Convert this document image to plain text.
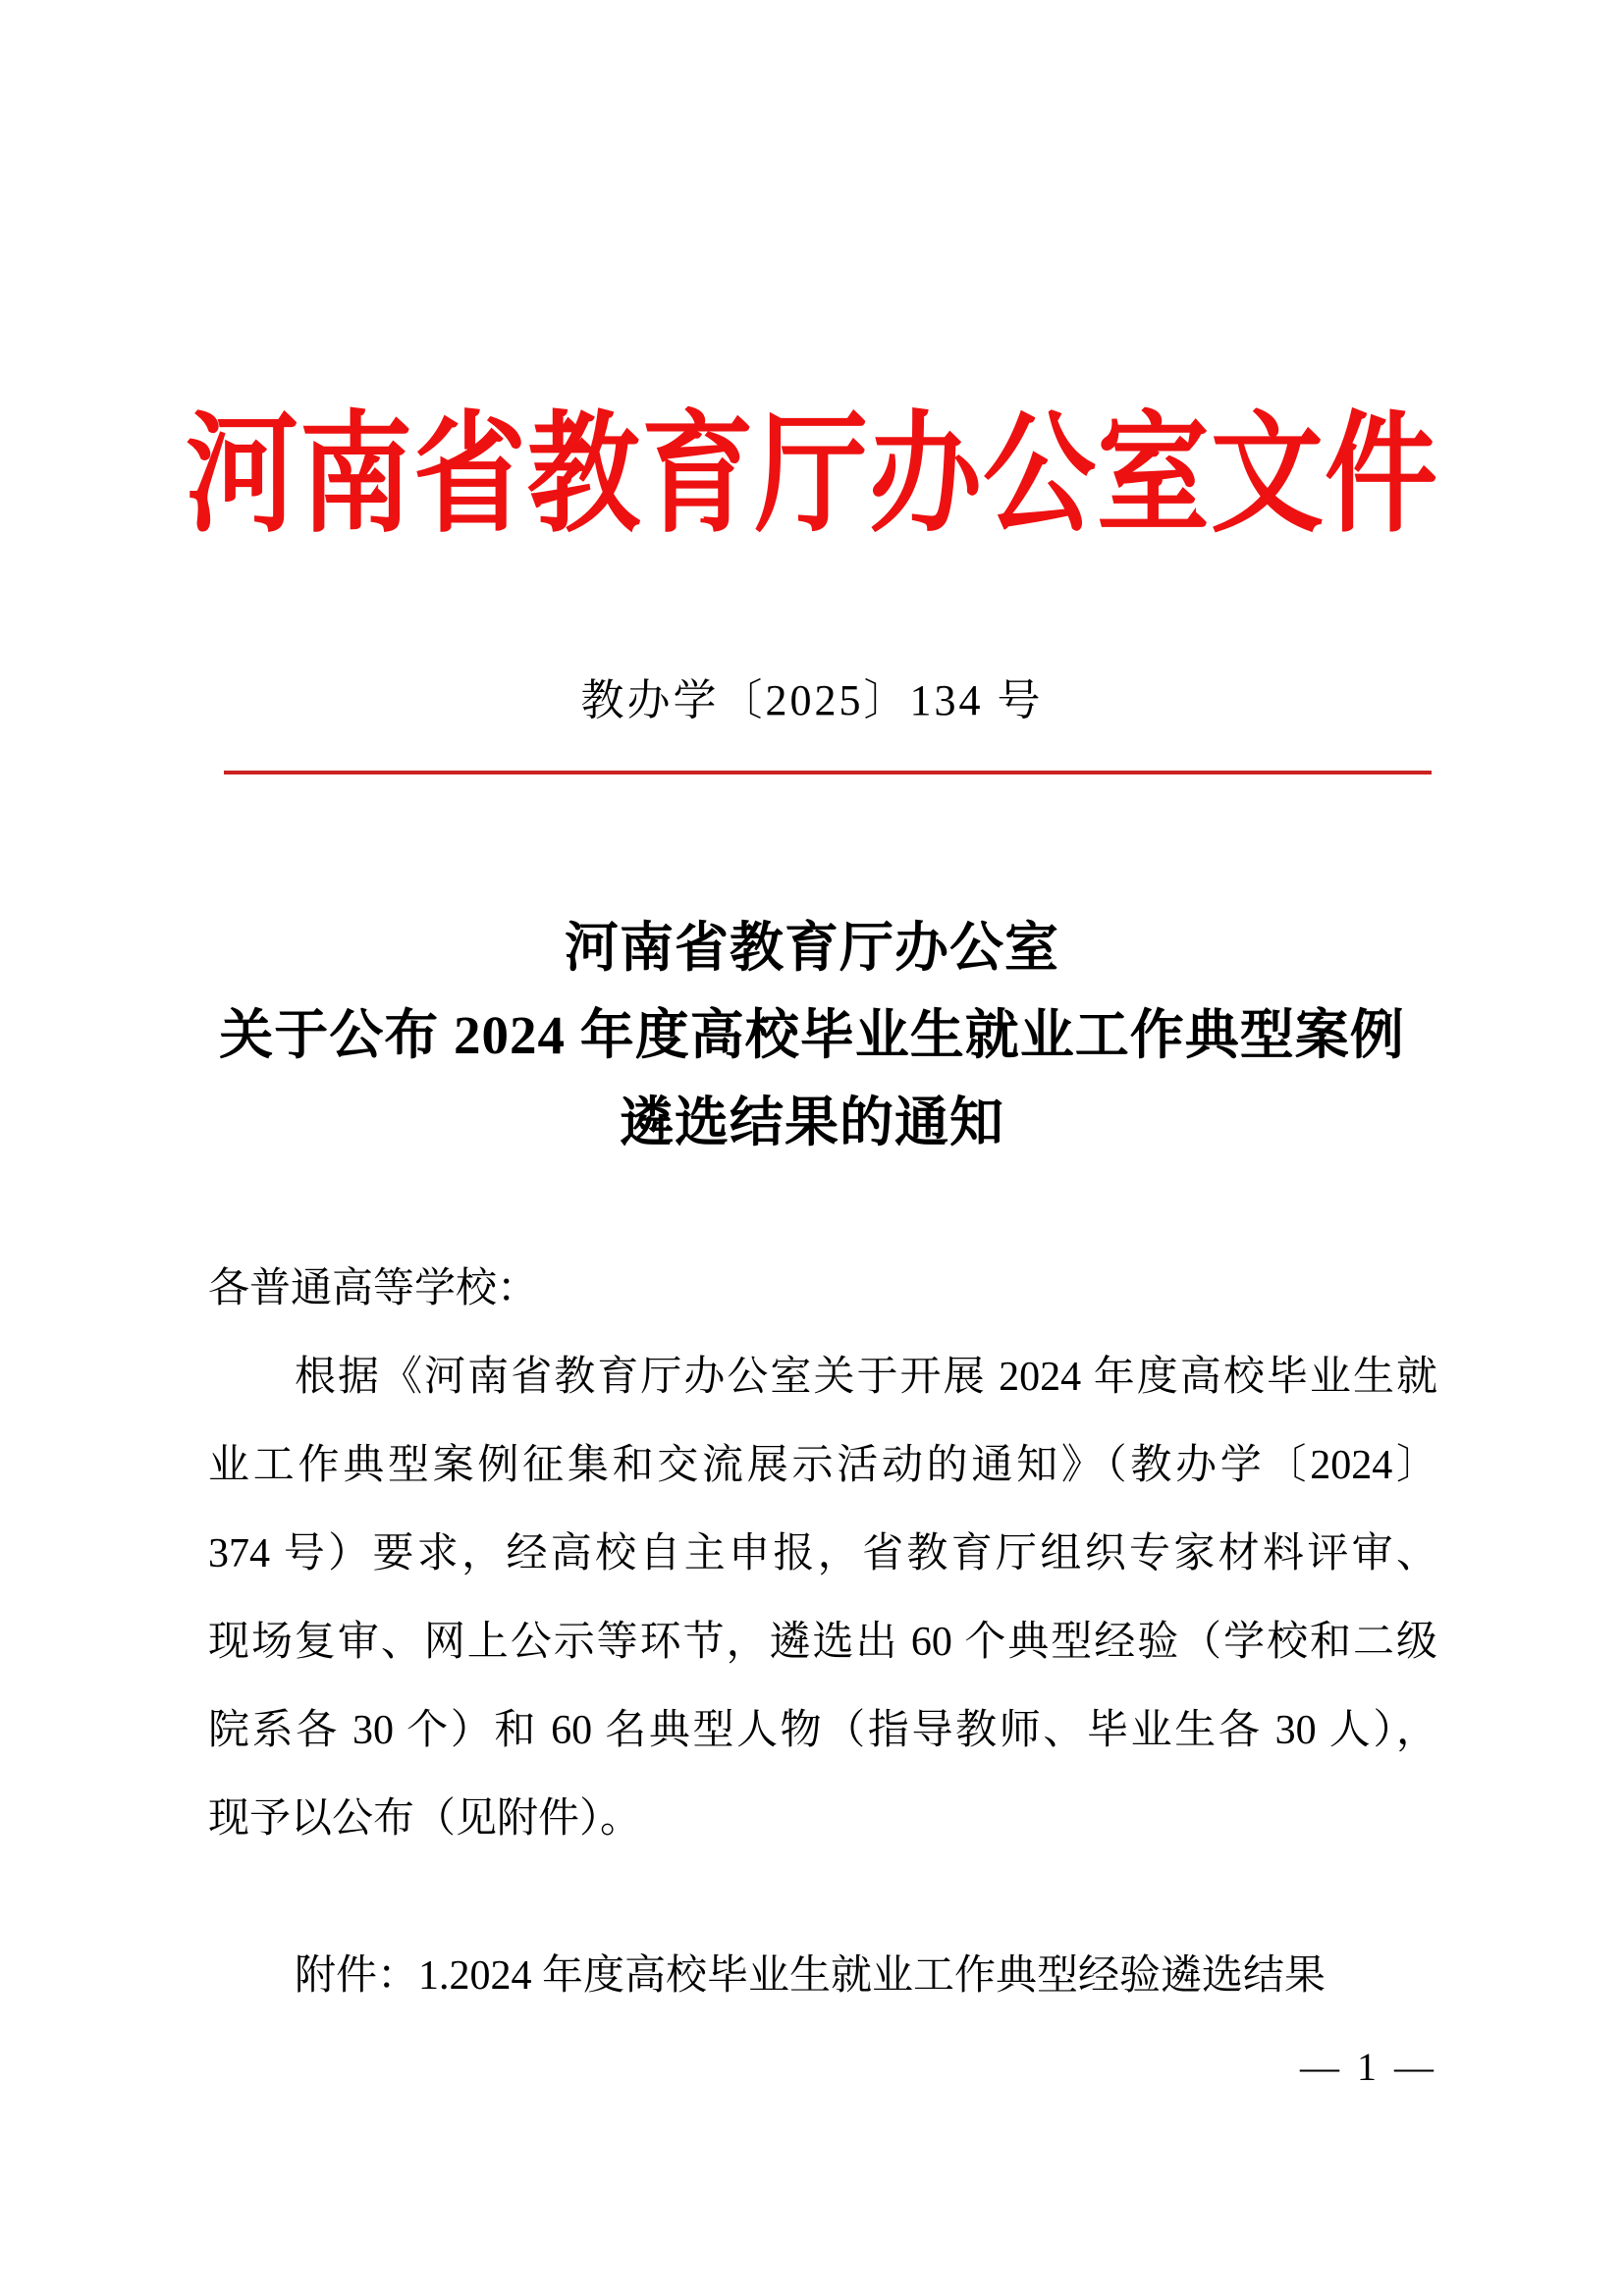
河南省教育厅办公室文件
教办学〔2025〕134 号
河南省教育厅办公室
关于公布 2024 年度高校毕业生就业工作典型案例
遴选结果的通知
各普通高等学校：
根据《河南省教育厅办公室关于开展 2024 年度高校毕业生就
业工作典型案例征集和交流展示活动的通知》（教办学〔2024〕
374 号）要求，经高校自主申报，省教育厅组织专家材料评审、
现场复审、网上公示等环节，遴选出 60 个典型经验（学校和二级
院系各 30 个）和 60 名典型人物（指导教师、毕业生各 30 人），
现予以公布（见附件）。
附件：1.2024 年度高校毕业生就业工作典型经验遴选结果
— 1 —
